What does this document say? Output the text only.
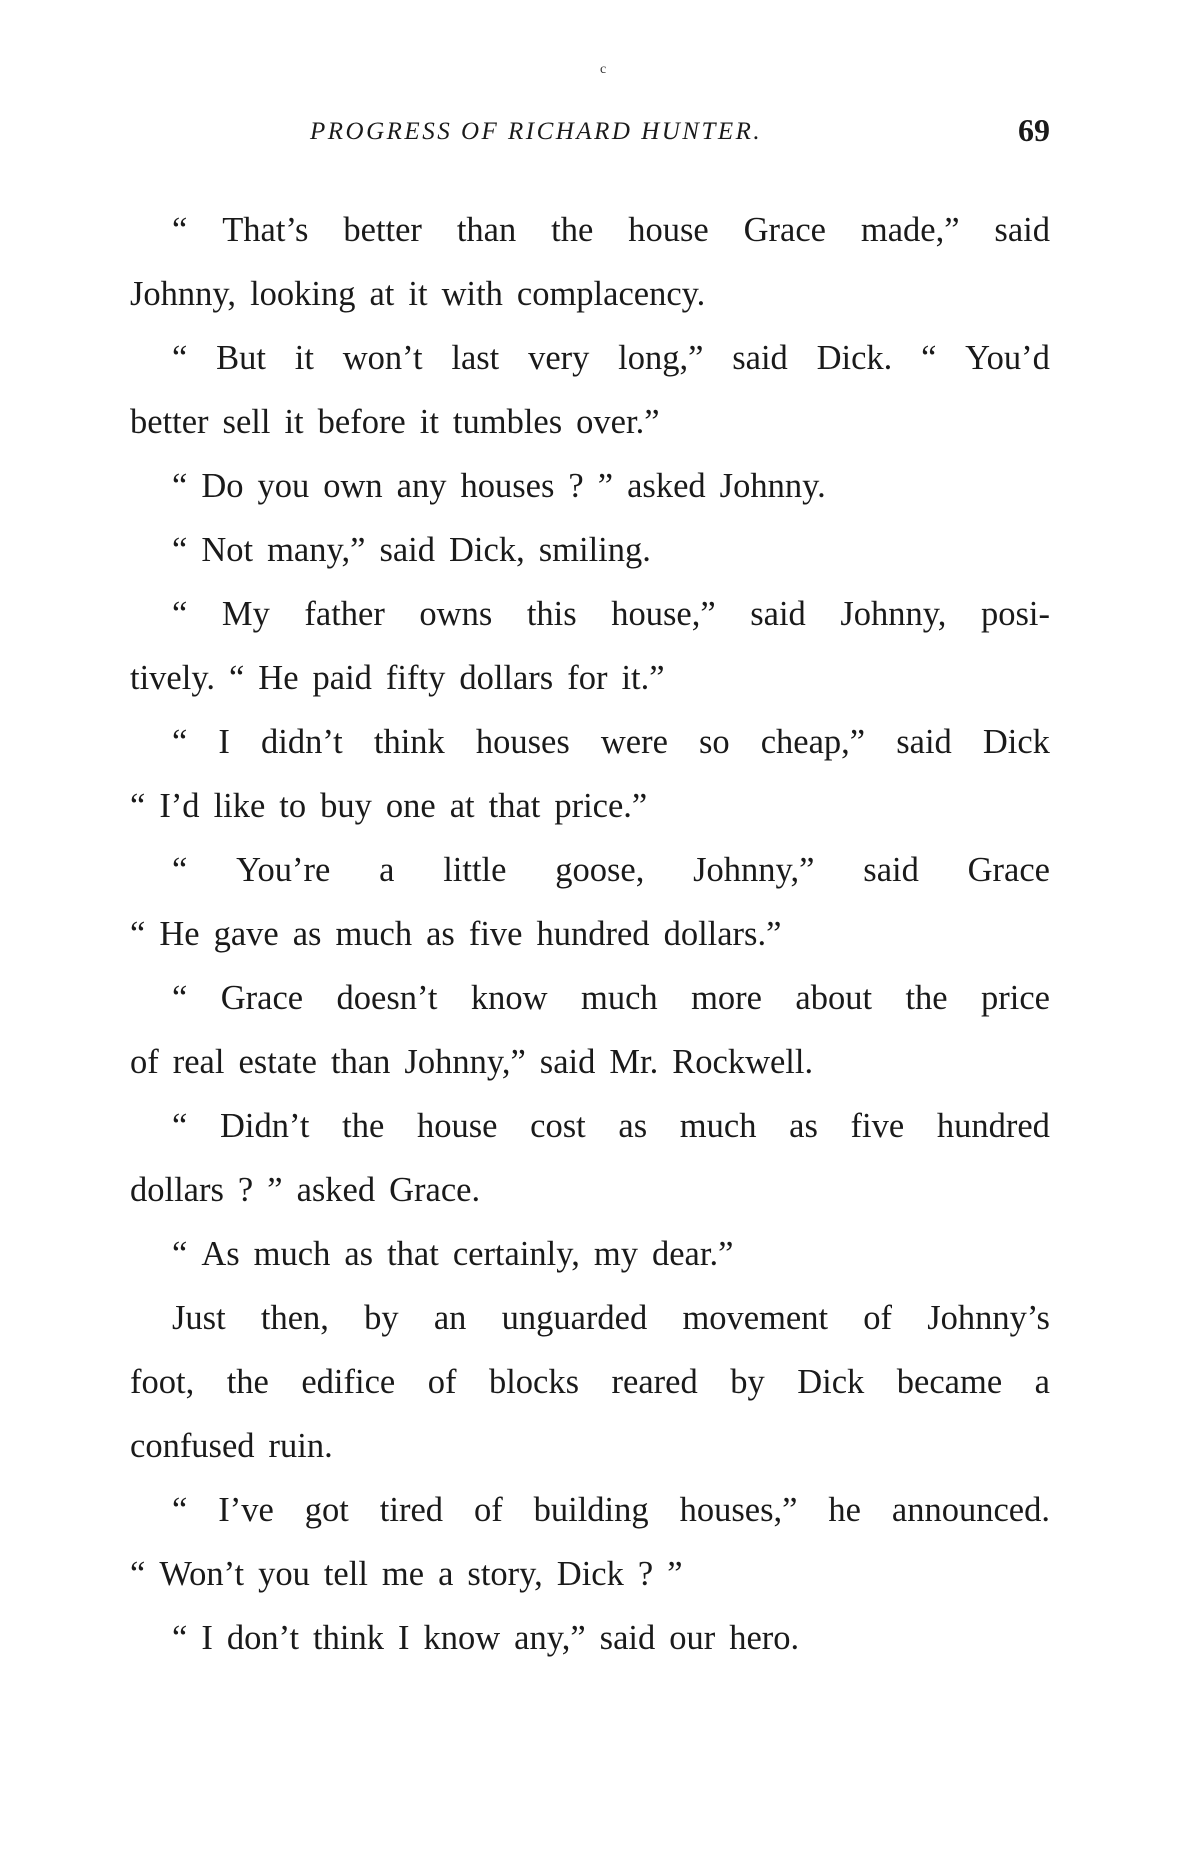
c
PROGRESS OF RICHARD HUNTER.	69
“ That’s better than the house Grace made,” said
Johnny, looking at it with complacency.
“ But it won’t last very long,” said Dick. “ You’d
better sell it before it tumbles over.”
“ Do you own any houses ? ” asked Johnny.
“ Not many,” said Dick, smiling.
“ My father owns this house,” said Johnny, posi-
tively. “ He paid fifty dollars for it.”
“ I didn’t think houses were so cheap,” said Dick
“ I’d like to buy one at that price.”
“ You’re a little goose, Johnny,” said Grace
“ He gave as much as five hundred dollars.”
“ Grace doesn’t know much more about the price
of real estate than Johnny,” said Mr. Rockwell.
“ Didn’t the house cost as much as five hundred
dollars ? ” asked Grace.
“ As much as that certainly, my dear.”
Just then, by an unguarded movement of Johnny’s
foot, the edifice of blocks reared by Dick became a
confused ruin.
“ I’ve got tired of building houses,” he announced.
“ Won’t you tell me a story, Dick ? ”
“ I don’t think I know any,” said our hero.
